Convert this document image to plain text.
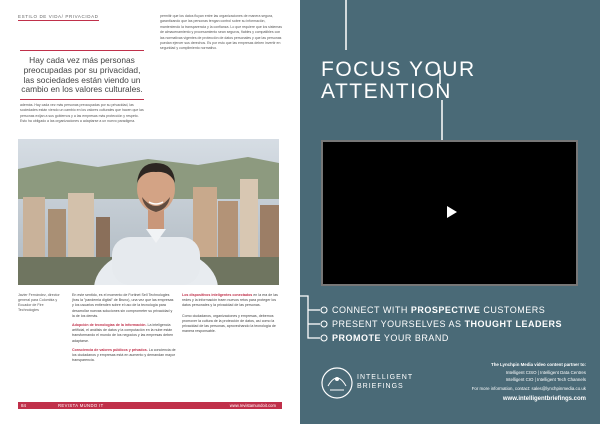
ESTILO DE VIDA/ PRIVACIDAD
Hay cada vez más personas preocupadas por su privacidad, las sociedades están viendo un cambio en los valores culturales.
además. Hay cada vez más personas preocupadas por su privacidad, las sociedades están viendo un cambio en los valores culturales que hacen que las personas exijan a sus gobiernos y a las empresas más protección y respeto. Esto ha obligado a las organizaciones a adaptarse a un nuevo paradigma.
permitir que los datos fluyan entre las organizaciones de manera segura, garantizando que las personas tengan control sobre su información, manteniendo la transparencia y la confianza. Lo que requiere que los sistemas de almacenamiento y procesamiento sean seguros, fiables y compatibles con las normativas vigentes de protección de datos personales y que las personas puedan ejercer sus derechos. Es por esto que las empresas deben invertir en seguridad y cumplimiento normativo.
Javier Fernández, director general para Colombia y Ecuador de Fire Technologies
En este sentido, es el momento de Fortinet Sell Technologies (tras la "pandemia digital" de Bruno), una vez que las empresas y los usuarios entienden sobre el uso de la tecnología para desarrollar nuevas soluciones sin comprometer su privacidad y la de los demás.
Adopción de tecnologías de la información. La inteligencia artificial, el análisis de datos y la computación en la nube están transformando el mundo de los negocios y las empresas deben adaptarse.
Consciencia de valores públicos y privados. La conciencia de los ciudadanos y empresas está en aumento y demandan mayor transparencia.
Los dispositivos inteligentes conectados en la era de las redes y la información traen nuevos retos para proteger los datos personales y la privacidad de las personas.
Como ciudadanos, organizaciones y empresas, debemos promover la cultura de la protección de datos, así como la privacidad de las personas, aprovechando la tecnología de manera responsable.
84	REVISTA MUNDO IT	www.revistamundoit.com
FOCUS YOUR
ATTENTION
CONNECT WITH PROSPECTIVE CUSTOMERS
PRESENT YOURSELVES AS THOUGHT LEADERS
PROMOTE YOUR BRAND
INTELLIGENT
BRIEFINGS
The Lynchpin Media video content partner to:
Intelligent CISO | Intelligent Data Centres
Intelligent CIO | Intelligent Tech Channels
For more information, contact: sales@lynchpinmedia.co.uk
www.intelligentbriefings.com
